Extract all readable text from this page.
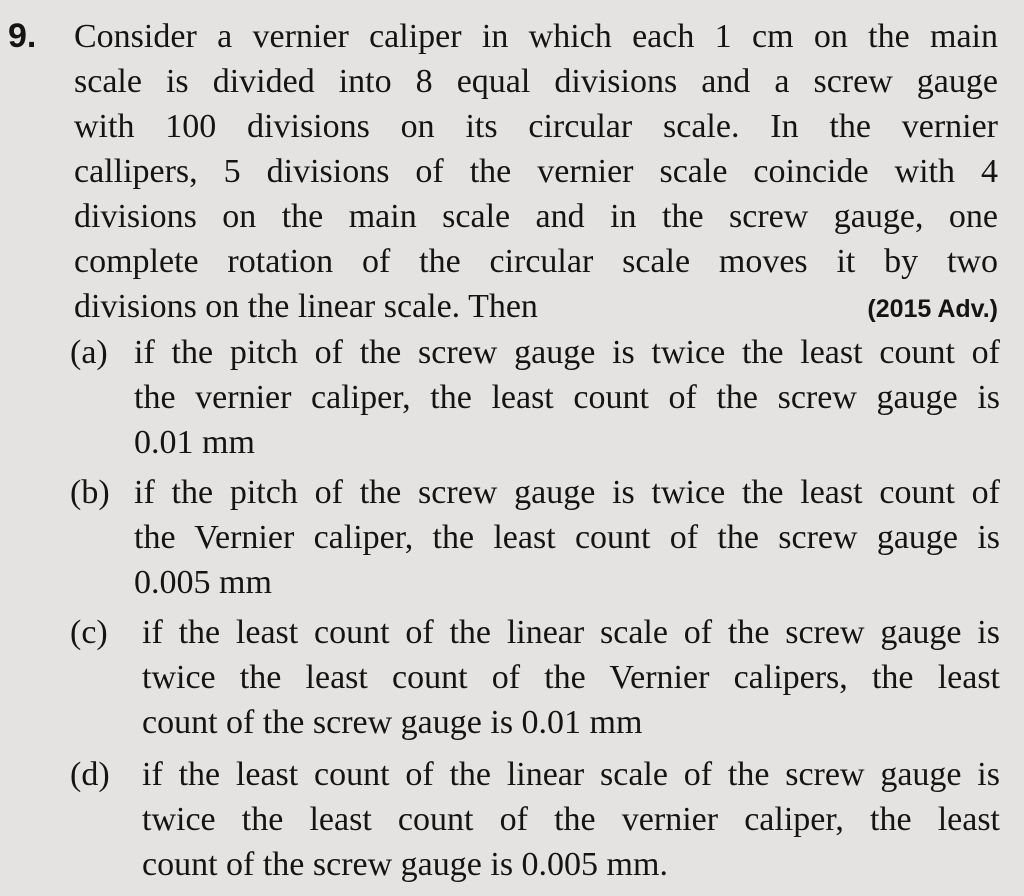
9. Consider a vernier caliper in which each 1 cm on the main
scale is divided into 8 equal divisions and a screw gauge
with 100 divisions on its circular scale. In the vernier
callipers, 5 divisions of the vernier scale coincide with 4
divisions on the main scale and in the screw gauge, one
complete rotation of the circular scale moves it by two
divisions on the linear scale. Then	(2015 Adv.)
(a) if the pitch of the screw gauge is twice the least count of
the vernier caliper, the least count of the screw gauge is
0.01 mm
(b) if the pitch of the screw gauge is twice the least count of
the Vernier caliper, the least count of the screw gauge is
0.005 mm
(c) if the least count of the linear scale of the screw gauge is
twice the least count of the Vernier calipers, the least
count of the screw gauge is 0.01 mm
(d) if the least count of the linear scale of the screw gauge is
twice the least count of the vernier caliper, the least
count of the screw gauge is 0.005 mm.
